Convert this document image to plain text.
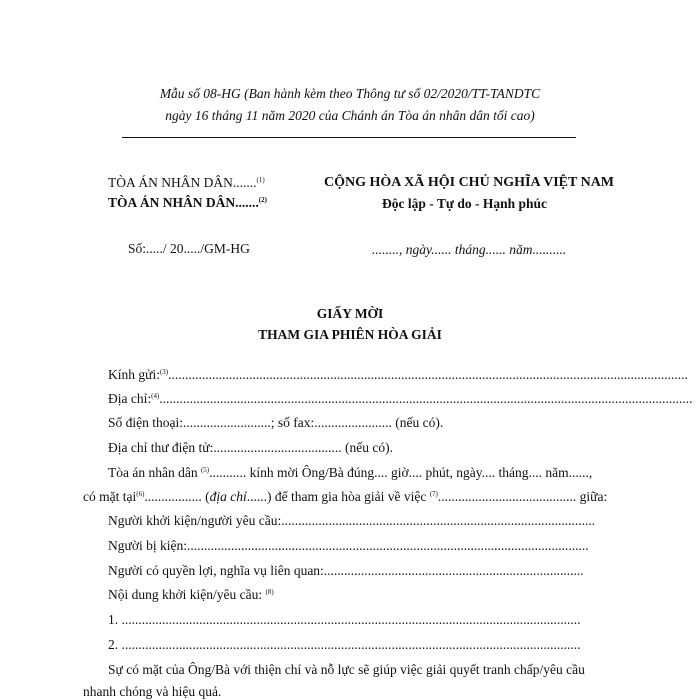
Mẫu số 08-HG (Ban hành kèm theo Thông tư số 02/2020/TT-TANDTC
ngày 16 tháng 11 năm 2020 của Chánh án Tòa án nhân dân tối cao)
TÒA ÁN NHÂN DÂN.......$^{(1)}$
TÒA ÁN NHÂN DÂN.......$^{(2)}$
Số:...../ 20...../GM-HG
CỘNG HÒA XÃ HỘI CHỦ NGHĨA VIỆT NAM
Độc lập - Tự do - Hạnh phúc
........, ngày...... tháng...... năm..........
GIẤY MỜI
THAM GIA PHIÊN HÒA GIẢI
Kính gửi:$^{(3)}$..........................................................................................................................................................
Địa chỉ:$^{(4)}$..............................................................................................................................................................
Số điện thoại:..........................; số fax:....................... (nếu có).
Địa chỉ thư điện tử:...................................... (nếu có).
Tòa án nhân dân $^{(5)}$........... kính mời Ông/Bà đúng.... giờ.... phút, ngày.... tháng.... năm......,
có mặt tại$^{(6)}$................. (địa chỉ......) để tham gia hòa giải về việc $^{(7)}$......................................... giữa:
Người khởi kiện/người yêu cầu:.............................................................................................
Người bị kiện:.......................................................................................................................
Người có quyền lợi, nghĩa vụ liên quan:.............................................................................
Nội dung khởi kiện/yêu cầu: $^{(8)}$
1. ........................................................................................................................................
2. ........................................................................................................................................
Sự có mặt của Ông/Bà với thiện chí và nỗ lực sẽ giúp việc giải quyết tranh chấp/yêu cầu
nhanh chóng và hiệu quả.
